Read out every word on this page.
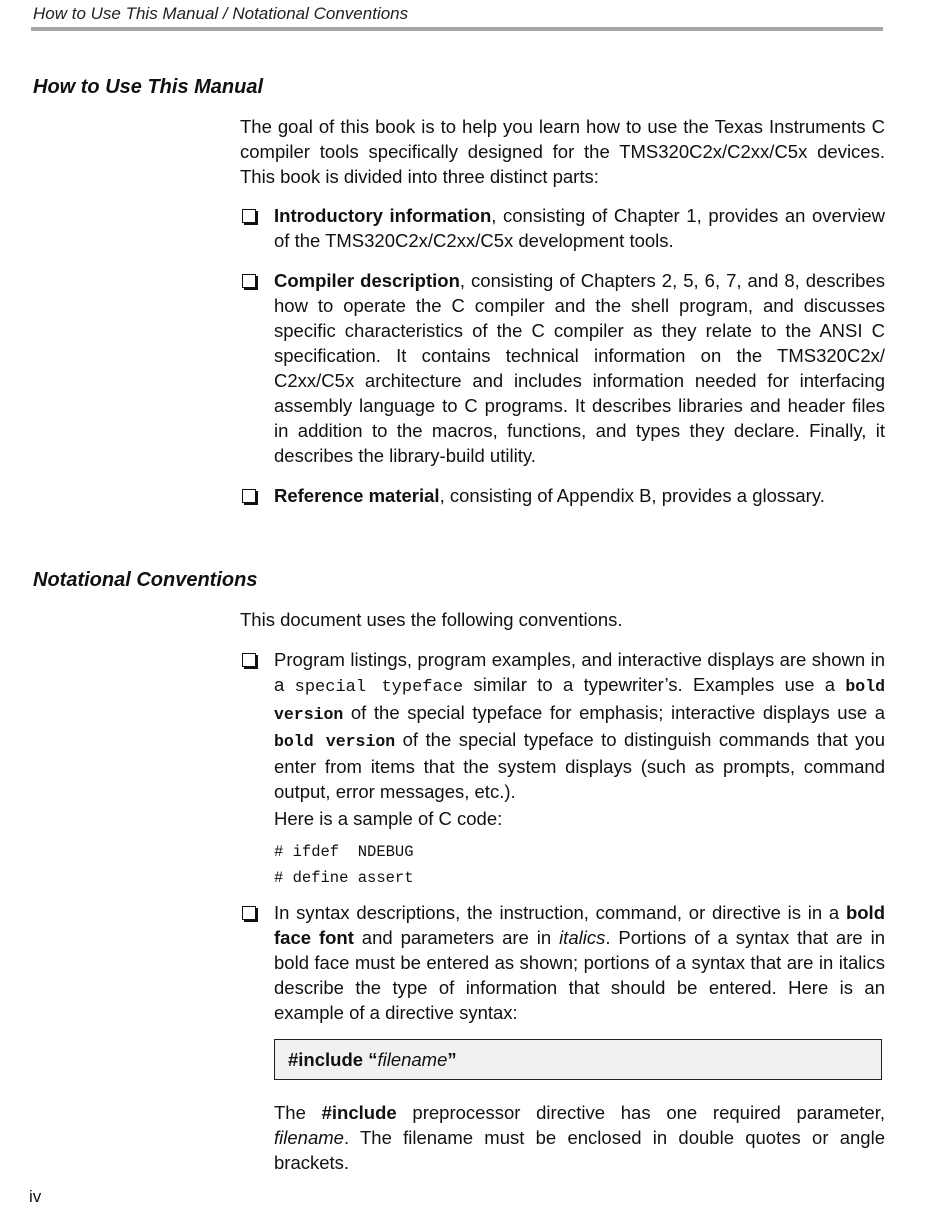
How to Use This Manual / Notational Conventions
How to Use This Manual
The goal of this book is to help you learn how to use the Texas Instruments C compiler tools specifically designed for the TMS320C2x/C2xx/C5x devices. This book is divided into three distinct parts:
Introductory information, consisting of Chapter 1, provides an overview of the TMS320C2x/C2xx/C5x development tools.
Compiler description, consisting of Chapters 2, 5, 6, 7, and 8, describes how to operate the C compiler and the shell program, and discusses specific characteristics of the C compiler as they relate to the ANSI C specification. It contains technical information on the TMS320C2x/ C2xx/C5x architecture and includes information needed for interfacing assembly language to C programs. It describes libraries and header files in addition to the macros, functions, and types they declare. Finally, it describes the library-build utility.
Reference material, consisting of Appendix B, provides a glossary.
Notational Conventions
This document uses the following conventions.
Program listings, program examples, and interactive displays are shown in a special typeface similar to a typewriter’s. Examples use a bold version of the special typeface for emphasis; interactive displays use a bold version of the special typeface to distinguish commands that you enter from items that the system displays (such as prompts, command output, error messages, etc.).
Here is a sample of C code:
# ifdef  NDEBUG
# define assert
In syntax descriptions, the instruction, command, or directive is in a bold face font and parameters are in italics. Portions of a syntax that are in bold face must be entered as shown; portions of a syntax that are in italics describe the type of information that should be entered. Here is an example of a directive syntax:
#include “filename”
The #include preprocessor directive has one required parameter, filename. The filename must be enclosed in double quotes or angle brackets.
iv
